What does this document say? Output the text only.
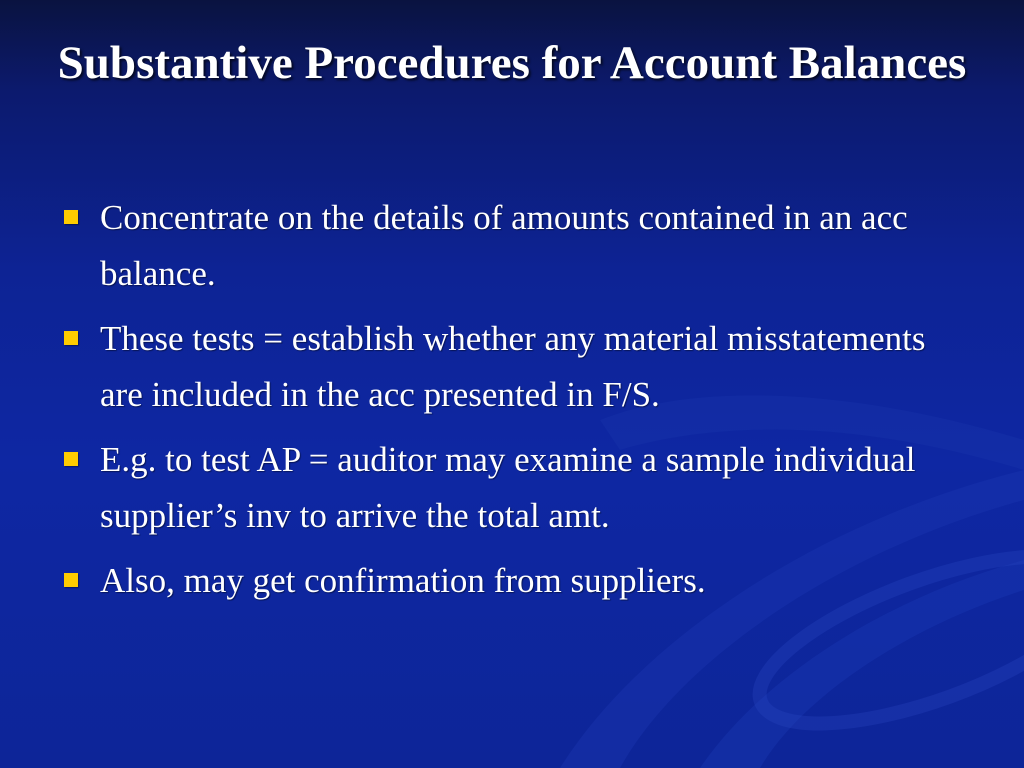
Substantive Procedures for Account Balances
Concentrate on the details of amounts contained in an acc balance.
These tests = establish whether any material misstatements are included in the acc presented in F/S.
E.g. to test AP = auditor may examine a sample individual supplier’s inv to arrive the total amt.
Also, may get confirmation from suppliers.
